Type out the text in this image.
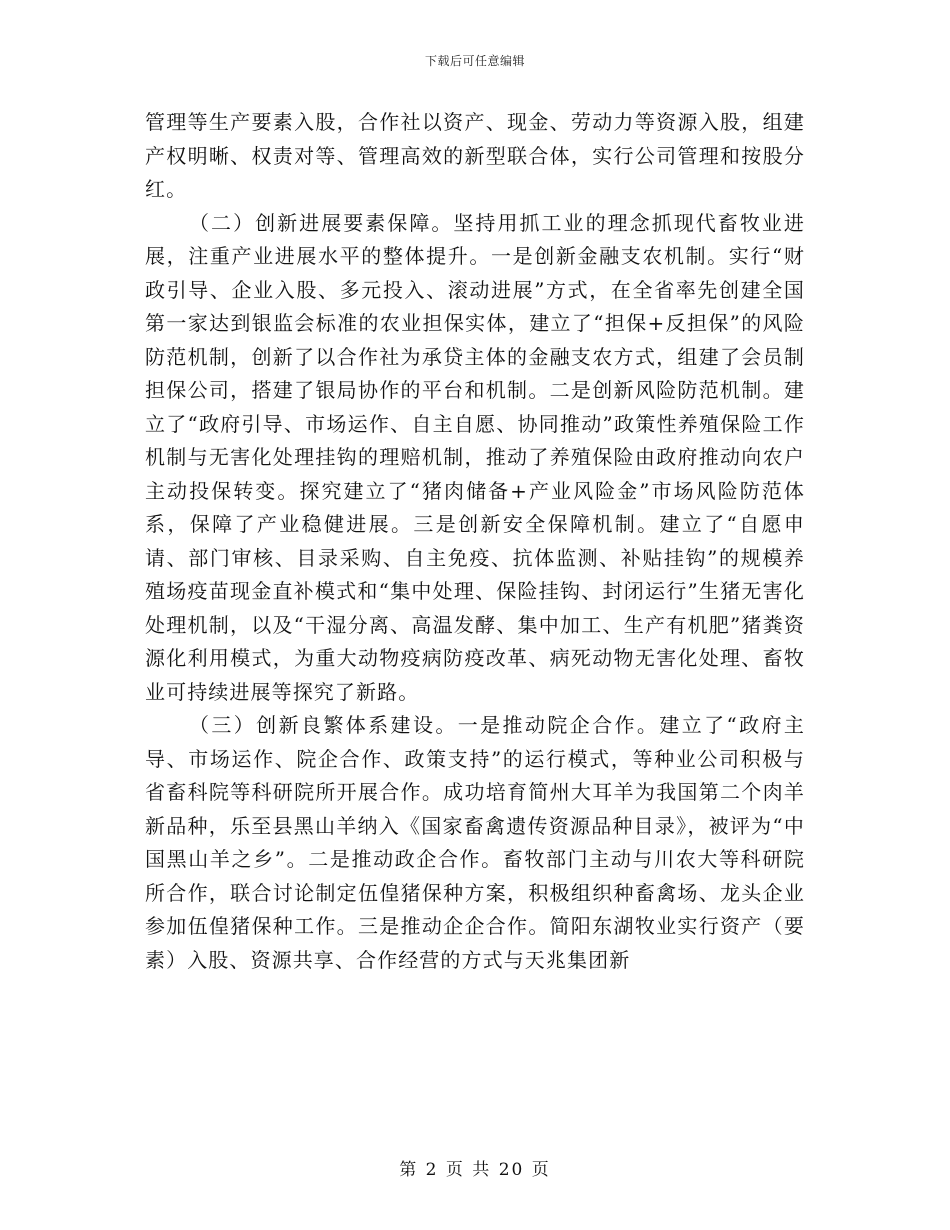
下载后可任意编辑

管理等生产要素入股，合作社以资产、现金、劳动力等资源入股，组建产权明晰、权责对等、管理高效的新型联合体，实行公司管理和按股分红。

（二）创新进展要素保障。坚持用抓工业的理念抓现代畜牧业进展，注重产业进展水平的整体提升。一是创新金融支农机制。实行“财政引导、企业入股、多元投入、滚动进展”方式，在全省率先创建全国第一家达到银监会标准的农业担保实体，建立了“担保+反担保”的风险防范机制，创新了以合作社为承贷主体的金融支农方式，组建了会员制担保公司，搭建了银局协作的平台和机制。二是创新风险防范机制。建立了“政府引导、市场运作、自主自愿、协同推动”政策性养殖保险工作机制与无害化处理挂钩的理赔机制，推动了养殖保险由政府推动向农户主动投保转变。探究建立了“猪肉储备+产业风险金”市场风险防范体系，保障了产业稳健进展。三是创新安全保障机制。建立了“自愿申请、部门审核、目录采购、自主免疫、抗体监测、补贴挂钩”的规模养殖场疫苗现金直补模式和“集中处理、保险挂钩、封闭运行”生猪无害化处理机制，以及“干湿分离、高温发酵、集中加工、生产有机肥”猪粪资源化利用模式，为重大动物疫病防疫改革、病死动物无害化处理、畜牧业可持续进展等探究了新路。

（三）创新良繁体系建设。一是推动院企合作。建立了“政府主导、市场运作、院企合作、政策支持”的运行模式，等种业公司积极与省畜科院等科研院所开展合作。成功培育简州大耳羊为我国第二个肉羊新品种，乐至县黑山羊纳入《国家畜禽遗传资源品种目录》，被评为“中国黑山羊之乡”。二是推动政企合作。畜牧部门主动与川农大等科研院所合作，联合讨论制定伍偟猪保种方案，积极组织种畜禽场、龙头企业参加伍偟猪保种工作。三是推动企企合作。简阳东湖牧业实行资产（要素）入股、资源共享、合作经营的方式与天兆集团新

第 2 页 共 20 页
